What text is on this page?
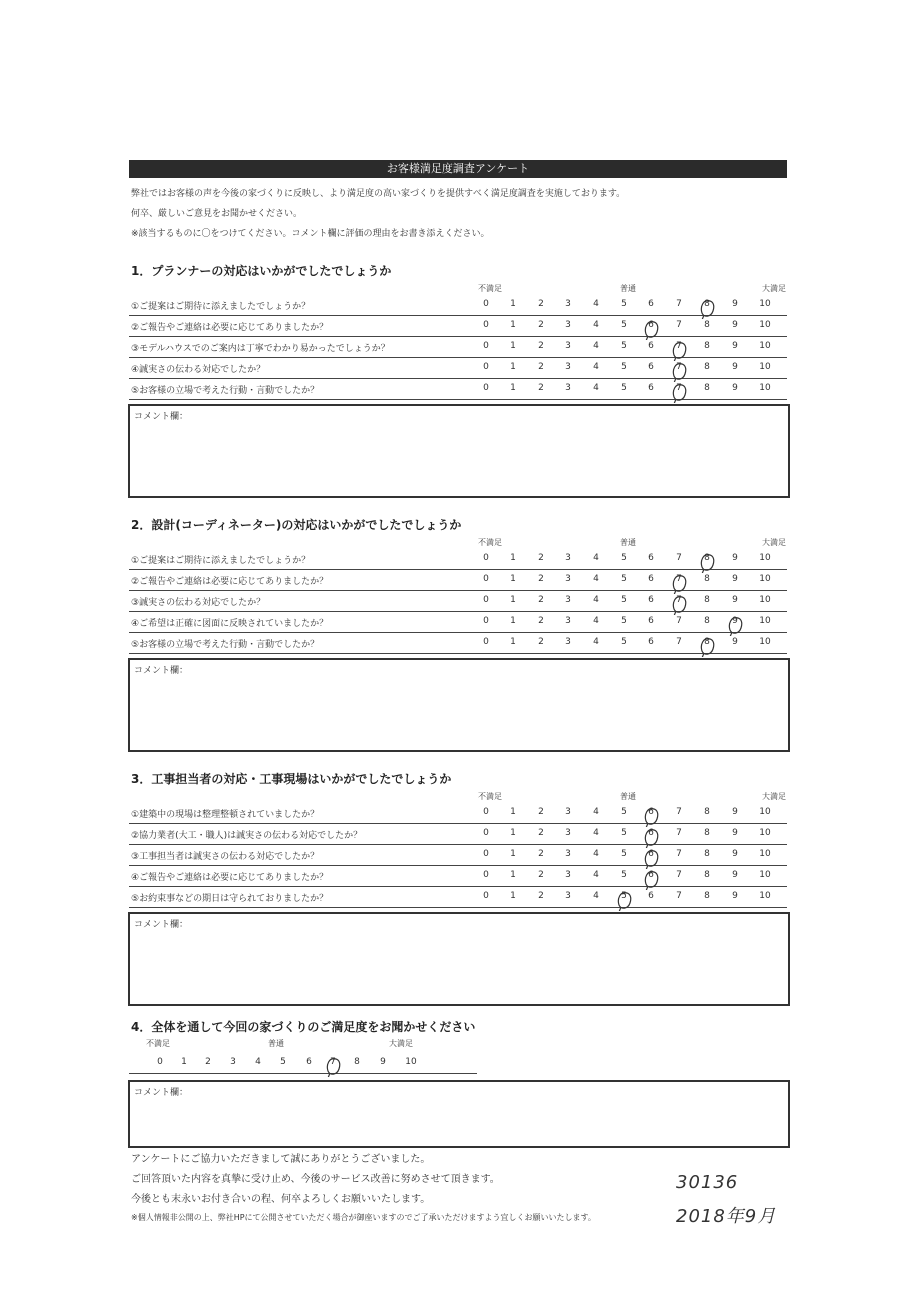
お客様満足度調査アンケート
弊社ではお客様の声を今後の家づくりに反映し、より満足度の高い家づくりを提供すべく満足度調査を実施しております。
何卒、厳しいご意見をお聞かせください。
※該当するものに〇をつけてください。コメント欄に評価の理由をお書き添えください。
1．プランナーの対応はいかがでしたでしょうか
不満足	普通	大満足
①ご提案はご期待に添えましたでしょうか？	0	1	2	3	4	5	6	7	8	9	10
②ご報告やご連絡は必要に応じてありましたか？	0	1	2	3	4	5	6	7	8	9	10
③モデルハウスでのご案内は丁寧でわかり易かったでしょうか？	0	1	2	3	4	5	6	7	8	9	10
④誠実さの伝わる対応でしたか？	0	1	2	3	4	5	6	7	8	9	10
⑤お客様の立場で考えた行動・言動でしたか？	0	1	2	3	4	5	6	7	8	9	10
コメント欄：
2．設計(コーディネーター)の対応はいかがでしたでしょうか
不満足	普通	大満足
①ご提案はご期待に添えましたでしょうか？	0	1	2	3	4	5	6	7	8	9	10
②ご報告やご連絡は必要に応じてありましたか？	0	1	2	3	4	5	6	7	8	9	10
③誠実さの伝わる対応でしたか？	0	1	2	3	4	5	6	7	8	9	10
④ご希望は正確に図面に反映されていましたか？	0	1	2	3	4	5	6	7	8	9	10
⑤お客様の立場で考えた行動・言動でしたか？	0	1	2	3	4	5	6	7	8	9	10
コメント欄：
3．工事担当者の対応・工事現場はいかがでしたでしょうか
不満足	普通	大満足
①建築中の現場は整理整頓されていましたか？	0	1	2	3	4	5	6	7	8	9	10
②協力業者(大工・職人)は誠実さの伝わる対応でしたか？	0	1	2	3	4	5	6	7	8	9	10
③工事担当者は誠実さの伝わる対応でしたか？	0	1	2	3	4	5	6	7	8	9	10
④ご報告やご連絡は必要に応じてありましたか？	0	1	2	3	4	5	6	7	8	9	10
⑤お約束事などの期日は守られておりましたか？	0	1	2	3	4	5	6	7	8	9	10
コメント欄：
4．全体を通して今回の家づくりのご満足度をお聞かせください
不満足	普通	大満足
0	1	2	3	4	5	6	7	8	9	10
コメント欄：
アンケートにご協力いただきまして誠にありがとうございました。
ご回答頂いた内容を真摯に受け止め、今後のサービス改善に努めさせて頂きます。
今後とも末永いお付き合いの程、何卒よろしくお願いいたします。
※個人情報非公開の上、弊社HPにて公開させていただく場合が御座いますのでご了承いただけますよう宜しくお願いいたします。
30136
2018年9月
